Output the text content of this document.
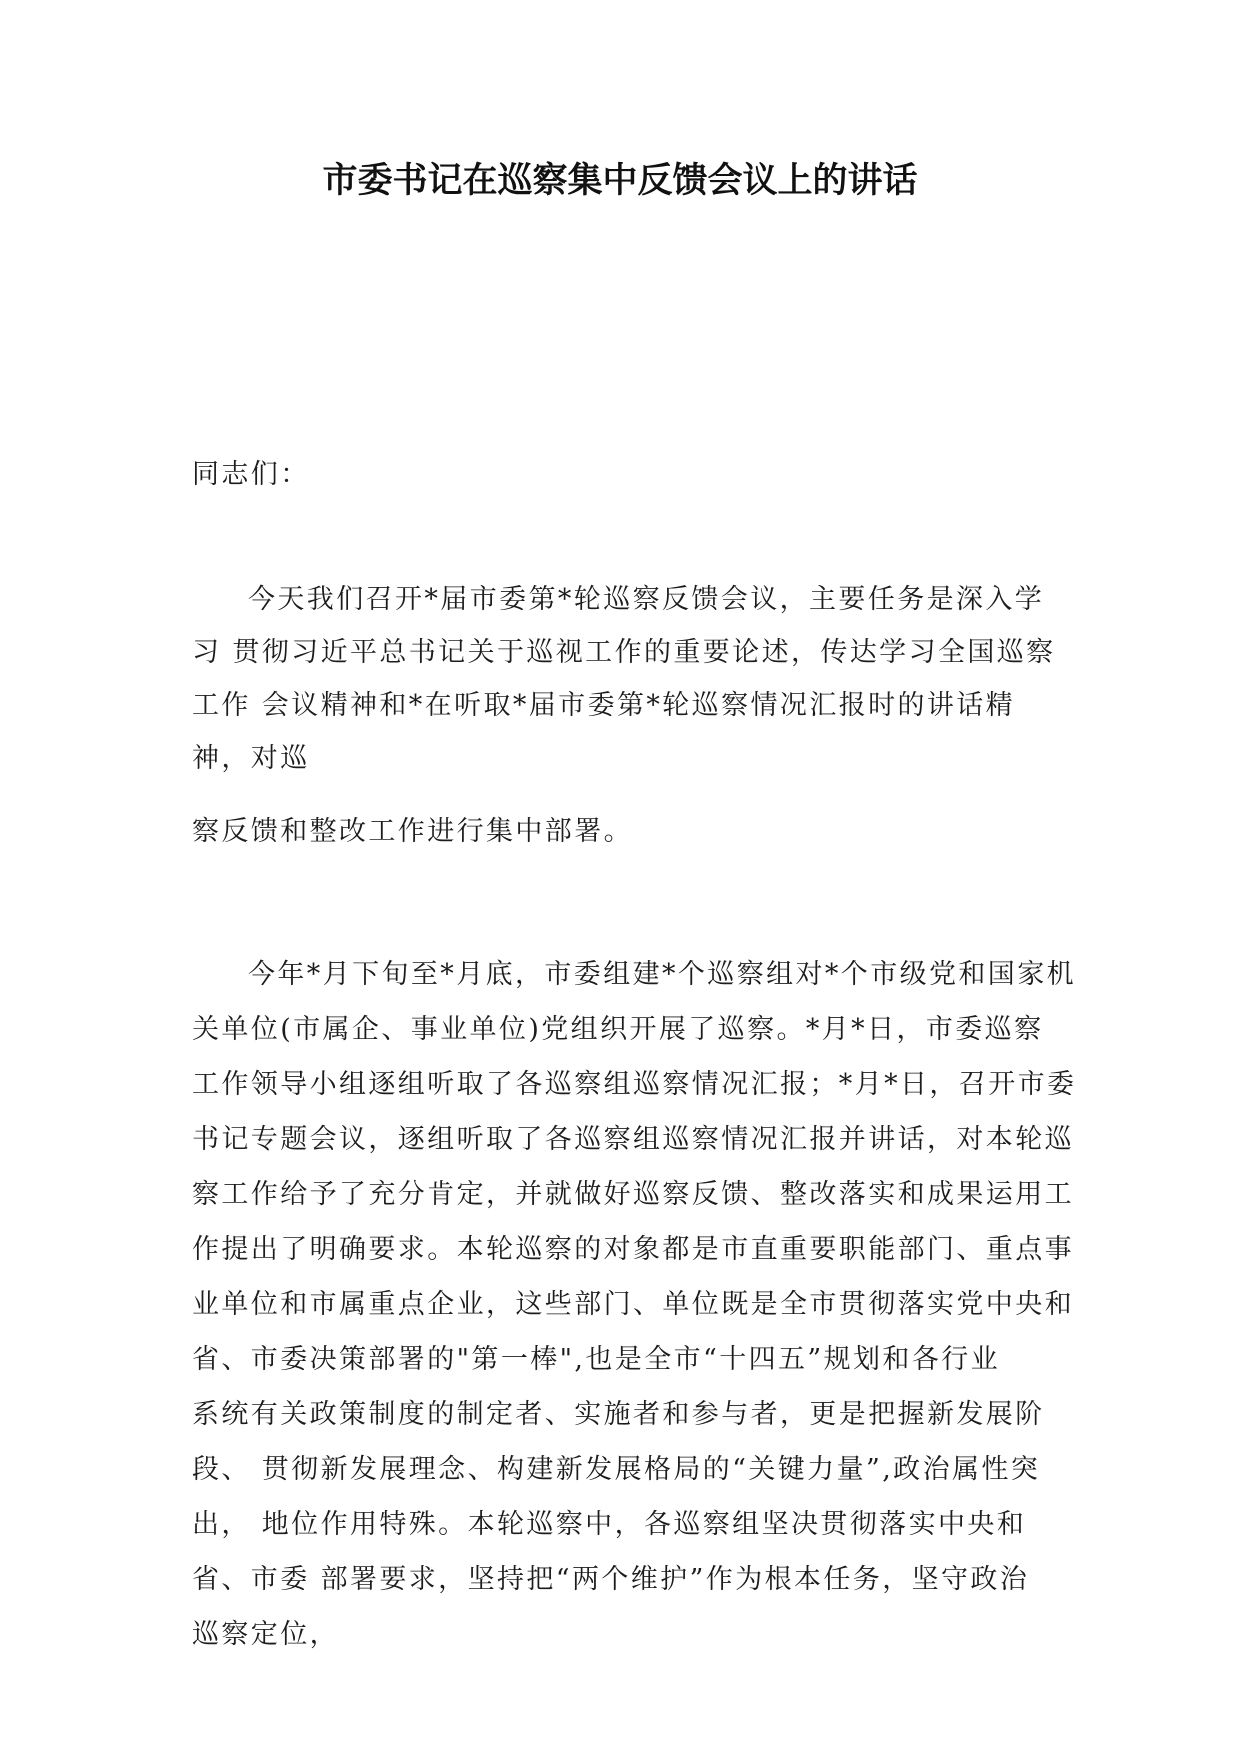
市委书记在巡察集中反馈会议上的讲话
同志们：
今天我们召开*届市委第*轮巡察反馈会议，主要任务是深入学
习 贯彻习近平总书记关于巡视工作的重要论述，传达学习全国巡察
工作 会议精神和*在听取*届市委第*轮巡察情况汇报时的讲话精
神，对巡
察反馈和整改工作进行集中部署。
今年*月下旬至*月底，市委组建*个巡察组对*个市级党和国家机
关单位(市属企、事业单位)党组织开展了巡察。*月*日，市委巡察
工作领导小组逐组听取了各巡察组巡察情况汇报；*月*日，召开市委
书记专题会议，逐组听取了各巡察组巡察情况汇报并讲话，对本轮巡
察工作给予了充分肯定，并就做好巡察反馈、整改落实和成果运用工
作提出了明确要求。本轮巡察的对象都是市直重要职能部门、重点事
业单位和市属重点企业，这些部门、单位既是全市贯彻落实党中央和
省、市委决策部署的"第一棒",也是全市“十四五”规划和各行业
系统有关政策制度的制定者、实施者和参与者，更是把握新发展阶
段、 贯彻新发展理念、构建新发展格局的“关键力量”,政治属性突
出， 地位作用特殊。本轮巡察中，各巡察组坚决贯彻落实中央和
省、市委 部署要求，坚持把“两个维护”作为根本任务，坚守政治
巡察定位，
